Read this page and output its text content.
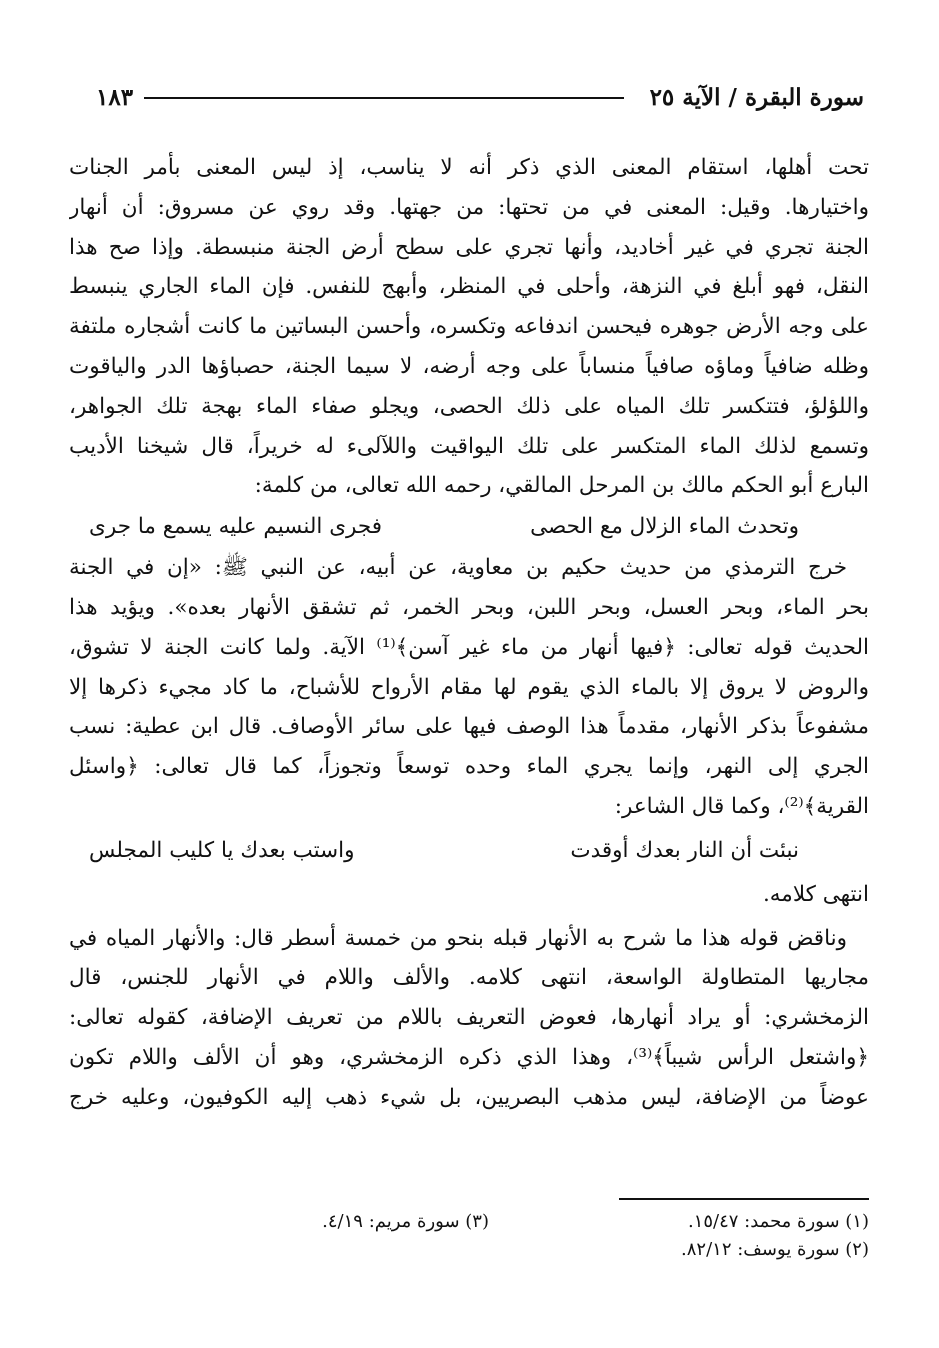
سورة البقرة / الآية ٢٥
١٨٣
تحت أهلها، استقام المعنى الذي ذكر أنه لا يناسب، إذ ليس المعنى بأمر الجنات
واختيارها. وقيل: المعنى في من تحتها: من جهتها. وقد روي عن مسروق: أن أنهار
الجنة تجري في غير أخاديد، وأنها تجري على سطح أرض الجنة منبسطة. وإذا صح هذا
النقل، فهو أبلغ في النزهة، وأحلى في المنظر، وأبهج للنفس. فإن الماء الجاري ينبسط
على وجه الأرض جوهره فيحسن اندفاعه وتكسره، وأحسن البساتين ما كانت أشجاره ملتفة
وظله ضافياً وماؤه صافياً منساباً على وجه أرضه، لا سيما الجنة، حصباؤها الدر والياقوت
واللؤلؤ، فتتكسر تلك المياه على ذلك الحصى، ويجلو صفاء الماء بهجة تلك الجواهر،
وتسمع لذلك الماء المتكسر على تلك اليواقيت واللآلىء له خريراً، قال شيخنا الأديب
البارع أبو الحكم مالك بن المرحل المالقي، رحمه الله تعالى، من كلمة:
وتحدث الماء الزلال مع الحصى
فجرى النسيم عليه يسمع ما جرى
خرج الترمذي من حديث حكيم بن معاوية، عن أبيه، عن النبي ﷺ: «إن في الجنة
بحر الماء، وبحر العسل، وبحر اللبن، وبحر الخمر، ثم تشقق الأنهار بعده». ويؤيد هذا
الحديث قوله تعالى: ﴿فيها أنهار من ماء غير آسن﴾⁽¹⁾ الآية. ولما كانت الجنة لا تشوق،
والروض لا يروق إلا بالماء الذي يقوم لها مقام الأرواح للأشباح، ما كاد مجيء ذكرها إلا
مشفوعاً بذكر الأنهار، مقدماً هذا الوصف فيها على سائر الأوصاف. قال ابن عطية: نسب
الجري إلى النهر، وإنما يجري الماء وحده توسعاً وتجوزاً، كما قال تعالى: ﴿واسئل
القرية﴾⁽²⁾، وكما قال الشاعر:
نبئت أن النار بعدك أوقدت
واستب بعدك يا كليب المجلس
انتهى كلامه.
وناقض قوله هذا ما شرح به الأنهار قبله بنحو من خمسة أسطر قال: والأنهار المياه في
مجاريها المتطاولة الواسعة، انتهى كلامه. والألف واللام في الأنهار للجنس، قال
الزمخشري: أو يراد أنهارها، فعوض التعريف باللام من تعريف الإضافة، كقوله تعالى:
﴿واشتعل الرأس شيباً﴾⁽³⁾، وهذا الذي ذكره الزمخشري، وهو أن الألف واللام تكون
عوضاً من الإضافة، ليس مذهب البصريين، بل شيء ذهب إليه الكوفيون، وعليه خرج
(١) سورة محمد: ١٥/٤٧.
(٣) سورة مريم: ٤/١٩.
(٢) سورة يوسف: ٨٢/١٢.
